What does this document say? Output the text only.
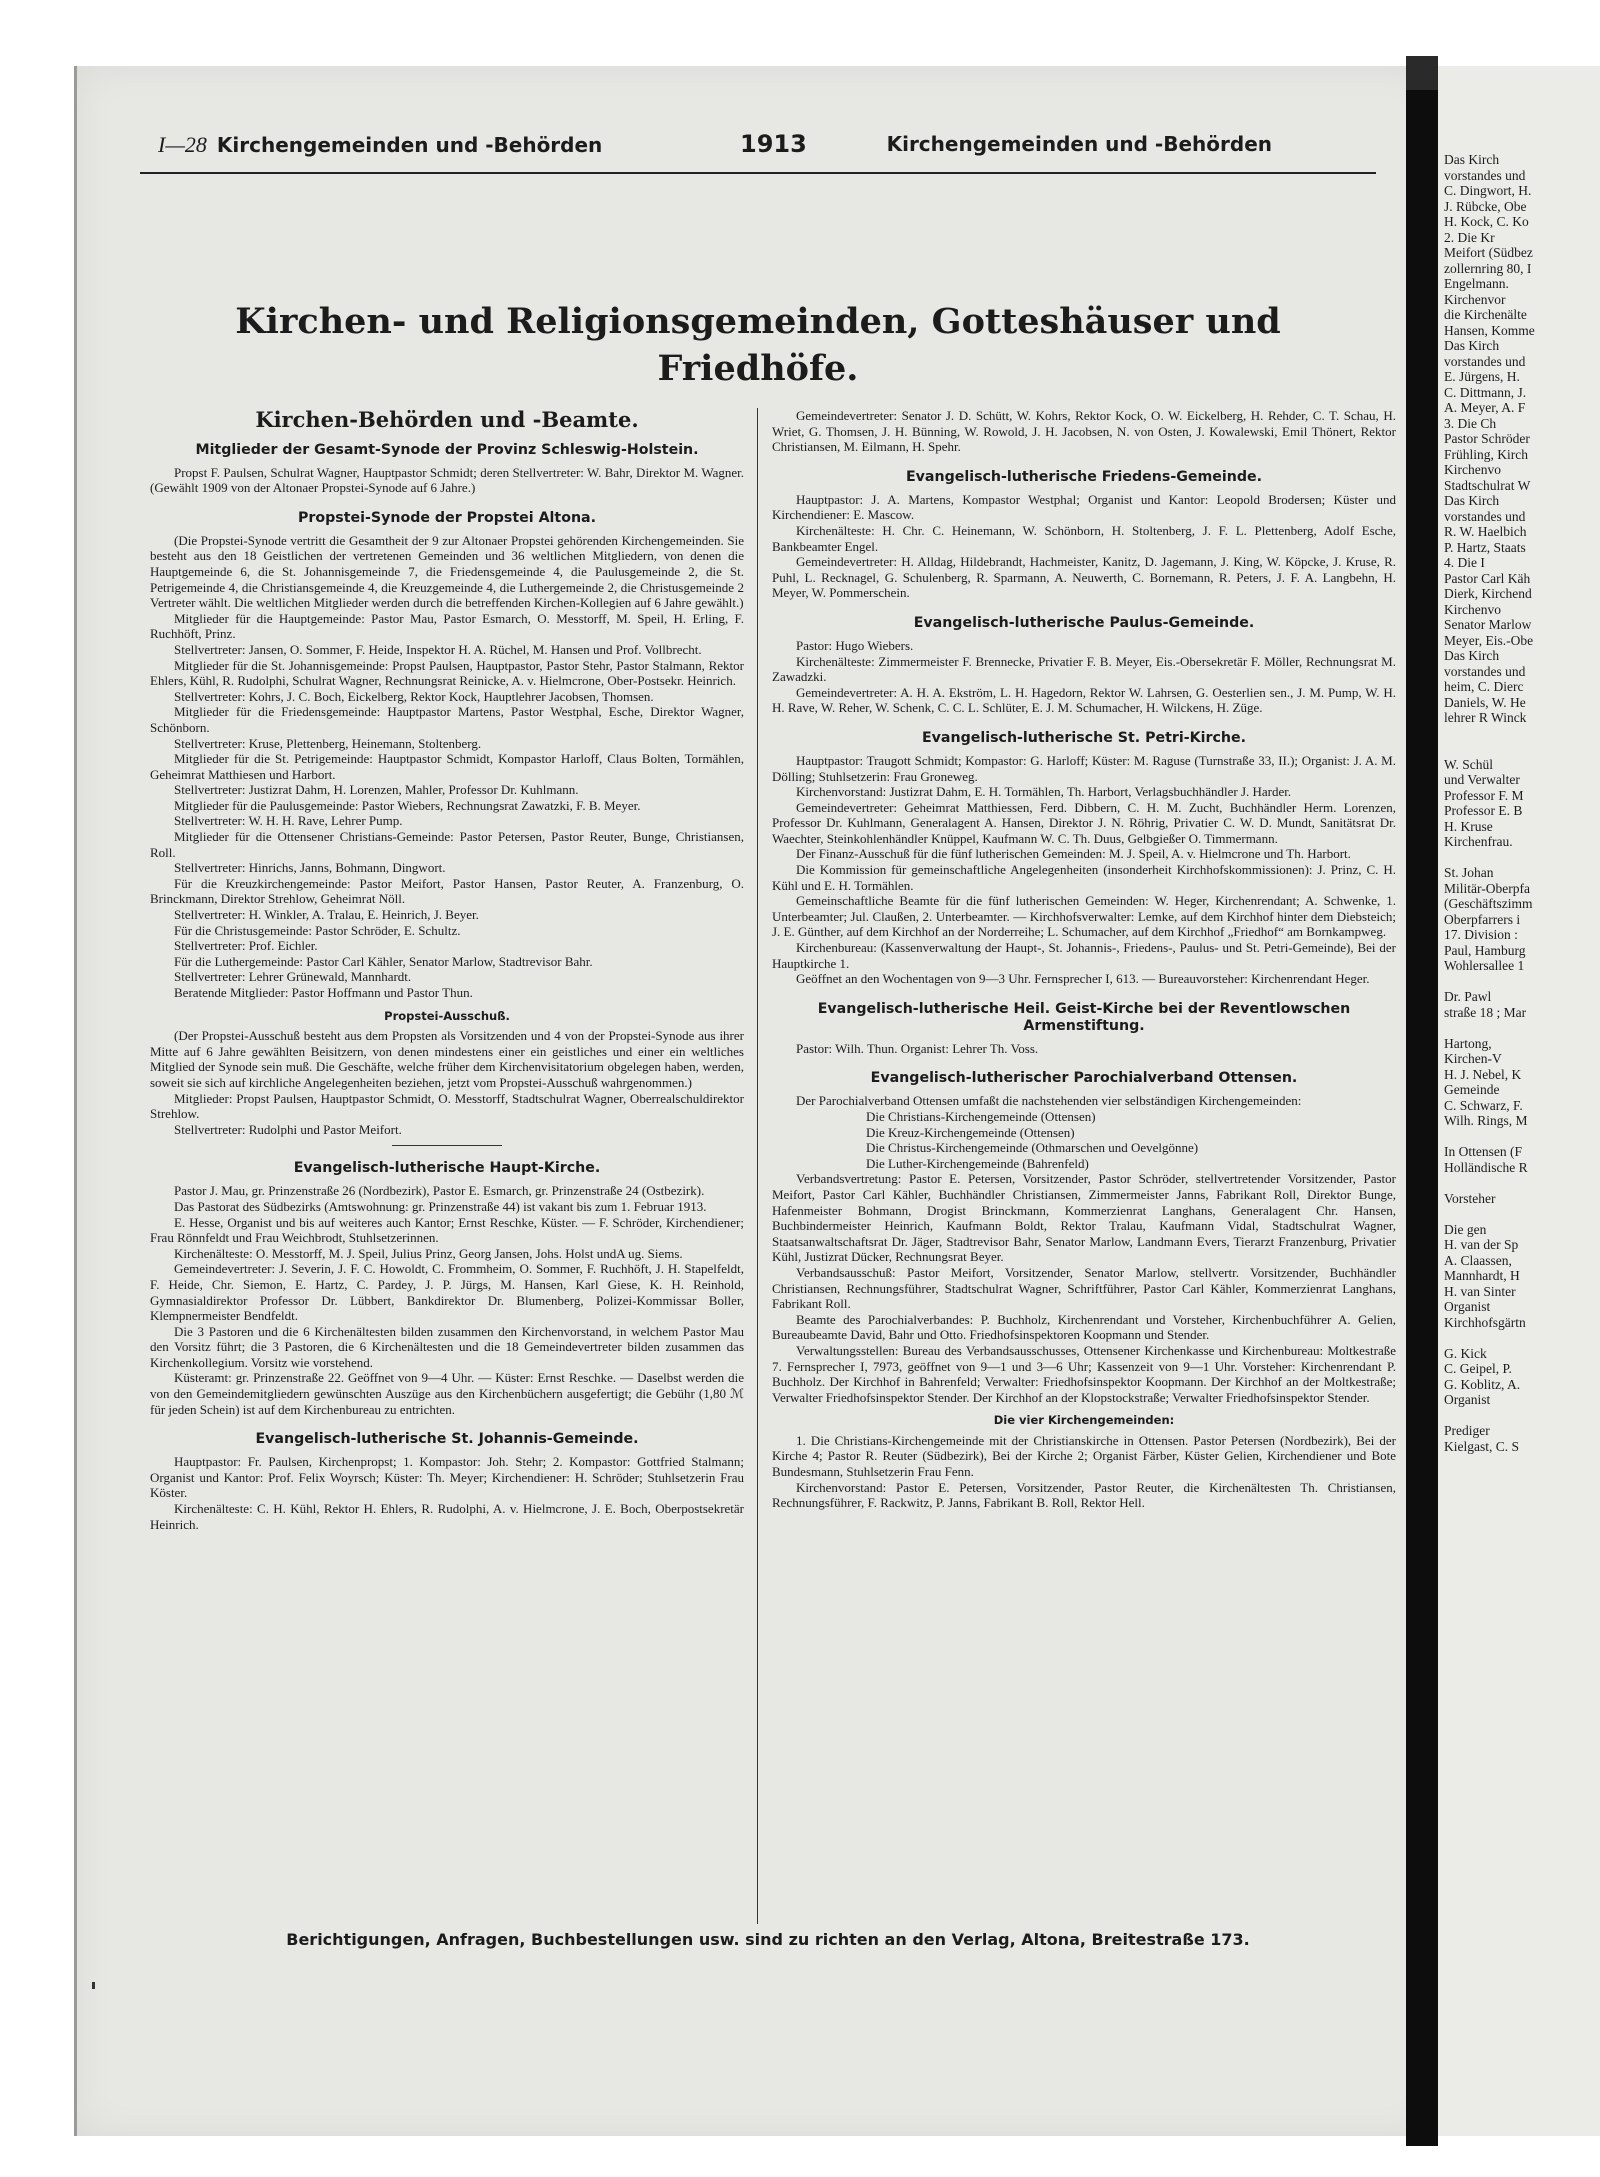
Das Kirch
vorstandes und
C. Dingwort, H.
J. Rübcke, Obe
H. Kock, C. Ko
2. Die Kr
Meifort (Südbez
zollernring 80, I
Engelmann.
Kirchenvor
die Kirchenälte
Hansen, Komme
Das Kirch
vorstandes und
E. Jürgens, H.
C. Dittmann, J.
A. Meyer, A. F
3. Die Ch
Pastor Schröder
Frühling, Kirch
Kirchenvo
Stadtschulrat W
Das Kirch
vorstandes und
R. W. Haelbich
P. Hartz, Staats
4. Die I
Pastor Carl Käh
Dierk, Kirchend
Kirchenvo
Senator Marlow
Meyer, Eis.-Obe
Das Kirch
vorstandes und
heim, C. Dierc
Daniels, W. He
lehrer R Winck

W. Schül
und Verwalter
Professor F. M
Professor E. B
H. Kruse
Kirchenfrau.

St. Johan
Militär-Oberpfa
(Geschäftszimm
Oberpfarrers i
17. Division :
Paul, Hamburg
Wohlersallee 1

Dr. Pawl
straße 18 ; Mar

Hartong,
Kirchen-V
H. J. Nebel, K
Gemeinde
C. Schwarz, F.
Wilh. Rings, M

In Ottensen (F
Holländische R

Vorsteher

Die gen
H. van der Sp
A. Claassen,
Mannhardt, H
H. van Sinter
Organist
Kirchhofsgärtn

G. Kick
C. Geipel, P.
G. Koblitz, A.
Organist

Prediger
Kielgast, C. S
I—28 Kirchengemeinden und -Behörden	1913	Kirchengemeinden und -Behörden
Kirchen- und Religionsgemeinden, Gotteshäuser und Friedhöfe.
Kirchen-Behörden und -Beamte.
Mitglieder der Gesamt-Synode der Provinz Schleswig-Holstein.

Propst F. Paulsen, Schulrat Wagner, Hauptpastor Schmidt; deren Stellvertreter: W. Bahr, Direktor M. Wagner. (Gewählt 1909 von der Altonaer Propstei-Synode auf 6 Jahre.)

Propstei-Synode der Propstei Altona.

(Die Propstei-Synode vertritt die Gesamtheit der 9 zur Altonaer Propstei gehörenden Kirchengemeinden. Sie besteht aus den 18 Geistlichen der vertretenen Gemeinden und 36 weltlichen Mitgliedern, von denen die Hauptgemeinde 6, die St. Johannisgemeinde 7, die Friedensgemeinde 4, die Paulusgemeinde 2, die St. Petrigemeinde 4, die Christiansgemeinde 4, die Kreuzgemeinde 4, die Luthergemeinde 2, die Christusgemeinde 2 Vertreter wählt. Die weltlichen Mitglieder werden durch die betreffenden Kirchen-Kollegien auf 6 Jahre gewählt.)

Mitglieder für die Hauptgemeinde: Pastor Mau, Pastor Esmarch, O. Messtorff, M. Speil, H. Erling, F. Ruchhöft, Prinz.

Stellvertreter: Jansen, O. Sommer, F. Heide, Inspektor H. A. Rüchel, M. Hansen und Prof. Vollbrecht.

Mitglieder für die St. Johannisgemeinde: Propst Paulsen, Hauptpastor, Pastor Stehr, Pastor Stalmann, Rektor Ehlers, Kühl, R. Rudolphi, Schulrat Wagner, Rechnungsrat Reinicke, A. v. Hielmcrone, Ober-Postsekr. Heinrich.

Stellvertreter: Kohrs, J. C. Boch, Eickelberg, Rektor Kock, Hauptlehrer Jacobsen, Thomsen.

Mitglieder für die Friedensgemeinde: Hauptpastor Martens, Pastor Westphal, Esche, Direktor Wagner, Schönborn.

Stellvertreter: Kruse, Plettenberg, Heinemann, Stoltenberg.

Mitglieder für die St. Petrigemeinde: Hauptpastor Schmidt, Kompastor Harloff, Claus Bolten, Tormählen, Geheimrat Matthiesen und Harbort.

Stellvertreter: Justizrat Dahm, H. Lorenzen, Mahler, Professor Dr. Kuhlmann.

Mitglieder für die Paulusgemeinde: Pastor Wiebers, Rechnungsrat Zawatzki, F. B. Meyer.

Stellvertreter: W. H. H. Rave, Lehrer Pump.

Mitglieder für die Ottensener Christians-Gemeinde: Pastor Petersen, Pastor Reuter, Bunge, Christiansen, Roll.

Stellvertreter: Hinrichs, Janns, Bohmann, Dingwort.

Für die Kreuzkirchengemeinde: Pastor Meifort, Pastor Hansen, Pastor Reuter, A. Franzenburg, O. Brinckmann, Direktor Strehlow, Geheimrat Nöll.

Stellvertreter: H. Winkler, A. Tralau, E. Heinrich, J. Beyer.

Für die Christusgemeinde: Pastor Schröder, E. Schultz.

Stellvertreter: Prof. Eichler.

Für die Luthergemeinde: Pastor Carl Kähler, Senator Marlow, Stadtrevisor Bahr.

Stellvertreter: Lehrer Grünewald, Mannhardt.

Beratende Mitglieder: Pastor Hoffmann und Pastor Thun.

Propstei-Ausschuß.

(Der Propstei-Ausschuß besteht aus dem Propsten als Vorsitzenden und 4 von der Propstei-Synode aus ihrer Mitte auf 6 Jahre gewählten Beisitzern, von denen mindestens einer ein geistliches und einer ein weltliches Mitglied der Synode sein muß. Die Geschäfte, welche früher dem Kirchenvisitatorium obgelegen haben, werden, soweit sie sich auf kirchliche Angelegenheiten beziehen, jetzt vom Propstei-Ausschuß wahrgenommen.)

Mitglieder: Propst Paulsen, Hauptpastor Schmidt, O. Messtorff, Stadtschulrat Wagner, Oberrealschuldirektor Strehlow.

Stellvertreter: Rudolphi und Pastor Meifort.

Evangelisch-lutherische Haupt-Kirche.

Pastor J. Mau, gr. Prinzenstraße 26 (Nordbezirk), Pastor E. Esmarch, gr. Prinzenstraße 24 (Ostbezirk).

Das Pastorat des Südbezirks (Amtswohnung: gr. Prinzenstraße 44) ist vakant bis zum 1. Februar 1913.

E. Hesse, Organist und bis auf weiteres auch Kantor; Ernst Reschke, Küster. — F. Schröder, Kirchendiener; Frau Rönnfeldt und Frau Weichbrodt, Stuhlsetzerinnen.

Kirchenälteste: O. Messtorff, M. J. Speil, Julius Prinz, Georg Jansen, Johs. Holst undA ug. Siems.

Gemeindevertreter: J. Severin, J. F. C. Howoldt, C. Frommheim, O. Sommer, F. Ruchhöft, J. H. Stapelfeldt, F. Heide, Chr. Siemon, E. Hartz, C. Pardey, J. P. Jürgs, M. Hansen, Karl Giese, K. H. Reinhold, Gymnasialdirektor Professor Dr. Lübbert, Bankdirektor Dr. Blumenberg, Polizei-Kommissar Boller, Klempnermeister Bendfeldt.

Die 3 Pastoren und die 6 Kirchenältesten bilden zusammen den Kirchenvorstand, in welchem Pastor Mau den Vorsitz führt; die 3 Pastoren, die 6 Kirchenältesten und die 18 Gemeindevertreter bilden zusammen das Kirchenkollegium. Vorsitz wie vorstehend.

Küsteramt: gr. Prinzenstraße 22. Geöffnet von 9—4 Uhr. — Küster: Ernst Reschke. — Daselbst werden die von den Gemeindemitgliedern gewünschten Auszüge aus den Kirchenbüchern ausgefertigt; die Gebühr (1,80 ℳ für jeden Schein) ist auf dem Kirchenbureau zu entrichten.

Evangelisch-lutherische St. Johannis-Gemeinde.

Hauptpastor: Fr. Paulsen, Kirchenpropst; 1. Kompastor: Joh. Stehr; 2. Kompastor: Gottfried Stalmann; Organist und Kantor: Prof. Felix Woyrsch; Küster: Th. Meyer; Kirchendiener: H. Schröder; Stuhlsetzerin Frau Köster.

Kirchenälteste: C. H. Kühl, Rektor H. Ehlers, R. Rudolphi, A. v. Hielmcrone, J. E. Boch, Oberpostsekretär Heinrich.

Gemeindevertreter: Senator J. D. Schütt, W. Kohrs, Rektor Kock, O. W. Eickelberg, H. Rehder, C. T. Schau, H. Wriet, G. Thomsen, J. H. Bünning, W. Rowold, J. H. Jacobsen, N. von Osten, J. Kowalewski, Emil Thönert, Rektor Christiansen, M. Eilmann, H. Spehr.

Evangelisch-lutherische Friedens-Gemeinde.

Hauptpastor: J. A. Martens, Kompastor Westphal; Organist und Kantor: Leopold Brodersen; Küster und Kirchendiener: E. Mascow.

Kirchenälteste: H. Chr. C. Heinemann, W. Schönborn, H. Stoltenberg, J. F. L. Plettenberg, Adolf Esche, Bankbeamter Engel.

Gemeindevertreter: H. Alldag, Hildebrandt, Hachmeister, Kanitz, D. Jagemann, J. King, W. Köpcke, J. Kruse, R. Puhl, L. Recknagel, G. Schulenberg, R. Sparmann, A. Neuwerth, C. Bornemann, R. Peters, J. F. A. Langbehn, H. Meyer, W. Pommerschein.

Evangelisch-lutherische Paulus-Gemeinde.

Pastor: Hugo Wiebers.

Kirchenälteste: Zimmermeister F. Brennecke, Privatier F. B. Meyer, Eis.-Obersekretär F. Möller, Rechnungsrat M. Zawadzki.

Gemeindevertreter: A. H. A. Ekström, L. H. Hagedorn, Rektor W. Lahrsen, G. Oesterlien sen., J. M. Pump, W. H. H. Rave, W. Reher, W. Schenk, C. C. L. Schlüter, E. J. M. Schumacher, H. Wilckens, H. Züge.

Evangelisch-lutherische St. Petri-Kirche.

Hauptpastor: Traugott Schmidt; Kompastor: G. Harloff; Küster: M. Raguse (Turnstraße 33, II.); Organist: J. A. M. Dölling; Stuhlsetzerin: Frau Groneweg.

Kirchenvorstand: Justizrat Dahm, E. H. Tormählen, Th. Harbort, Verlagsbuchhändler J. Harder.

Gemeindevertreter: Geheimrat Matthiessen, Ferd. Dibbern, C. H. M. Zucht, Buchhändler Herm. Lorenzen, Professor Dr. Kuhlmann, Generalagent A. Hansen, Direktor J. N. Röhrig, Privatier C. W. D. Mundt, Sanitätsrat Dr. Waechter, Steinkohlenhändler Knüppel, Kaufmann W. C. Th. Duus, Gelbgießer O. Timmermann.

Der Finanz-Ausschuß für die fünf lutherischen Gemeinden: M. J. Speil, A. v. Hielmcrone und Th. Harbort.

Die Kommission für gemeinschaftliche Angelegenheiten (insonderheit Kirchhofskommissionen): J. Prinz, C. H. Kühl und E. H. Tormählen.

Gemeinschaftliche Beamte für die fünf lutherischen Gemeinden: W. Heger, Kirchenrendant; A. Schwenke, 1. Unterbeamter; Jul. Claußen, 2. Unterbeamter. — Kirchhofsverwalter: Lemke, auf dem Kirchhof hinter dem Diebsteich; J. E. Günther, auf dem Kirchhof an der Norderreihe; L. Schumacher, auf dem Kirchhof „Friedhof“ am Bornkampweg.

Kirchenbureau: (Kassenverwaltung der Haupt-, St. Johannis-, Friedens-, Paulus- und St. Petri-Gemeinde), Bei der Hauptkirche 1.

Geöffnet an den Wochentagen von 9—3 Uhr. Fernsprecher I, 613. — Bureauvorsteher: Kirchenrendant Heger.

Evangelisch-lutherische Heil. Geist-Kirche bei der Reventlowschen Armenstiftung.

Pastor: Wilh. Thun. Organist: Lehrer Th. Voss.

Evangelisch-lutherischer Parochialverband Ottensen.

Der Parochialverband Ottensen umfaßt die nachstehenden vier selbständigen Kirchengemeinden:

Die Christians-Kirchengemeinde (Ottensen)

Die Kreuz-Kirchengemeinde (Ottensen)

Die Christus-Kirchengemeinde (Othmarschen und Oevelgönne)

Die Luther-Kirchengemeinde (Bahrenfeld)

Verbandsvertretung: Pastor E. Petersen, Vorsitzender, Pastor Schröder, stellvertretender Vorsitzender, Pastor Meifort, Pastor Carl Kähler, Buchhändler Christiansen, Zimmermeister Janns, Fabrikant Roll, Direktor Bunge, Hafenmeister Bohmann, Drogist Brinckmann, Kommerzienrat Langhans, Generalagent Chr. Hansen, Buchbindermeister Heinrich, Kaufmann Boldt, Rektor Tralau, Kaufmann Vidal, Stadtschulrat Wagner, Staatsanwaltschaftsrat Dr. Jäger, Stadtrevisor Bahr, Senator Marlow, Landmann Evers, Tierarzt Franzenburg, Privatier Kühl, Justizrat Dücker, Rechnungsrat Beyer.

Verbandsausschuß: Pastor Meifort, Vorsitzender, Senator Marlow, stellvertr. Vorsitzender, Buchhändler Christiansen, Rechnungsführer, Stadtschulrat Wagner, Schriftführer, Pastor Carl Kähler, Kommerzienrat Langhans, Fabrikant Roll.

Beamte des Parochialverbandes: P. Buchholz, Kirchenrendant und Vorsteher, Kirchenbuchführer A. Gelien, Bureaubeamte David, Bahr und Otto. Friedhofsinspektoren Koopmann und Stender.

Verwaltungsstellen: Bureau des Verbandsausschusses, Ottensener Kirchenkasse und Kirchenbureau: Moltkestraße 7. Fernsprecher I, 7973, geöffnet von 9—1 und 3—6 Uhr; Kassenzeit von 9—1 Uhr. Vorsteher: Kirchenrendant P. Buchholz. Der Kirchhof in Bahrenfeld; Verwalter: Friedhofsinspektor Koopmann. Der Kirchhof an der Moltkestraße; Verwalter Friedhofsinspektor Stender. Der Kirchhof an der Klopstockstraße; Verwalter Friedhofsinspektor Stender.

Die vier Kirchengemeinden:

1. Die Christians-Kirchengemeinde mit der Christianskirche in Ottensen. Pastor Petersen (Nordbezirk), Bei der Kirche 4; Pastor R. Reuter (Südbezirk), Bei der Kirche 2; Organist Färber, Küster Gelien, Kirchendiener und Bote Bundesmann, Stuhlsetzerin Frau Fenn.

Kirchenvorstand: Pastor E. Petersen, Vorsitzender, Pastor Reuter, die Kirchenältesten Th. Christiansen, Rechnungsführer, F. Rackwitz, P. Janns, Fabrikant B. Roll, Rektor Hell.

Berichtigungen, Anfragen, Buchbestellungen usw. sind zu richten an den Verlag, Altona, Breitestraße 173.
